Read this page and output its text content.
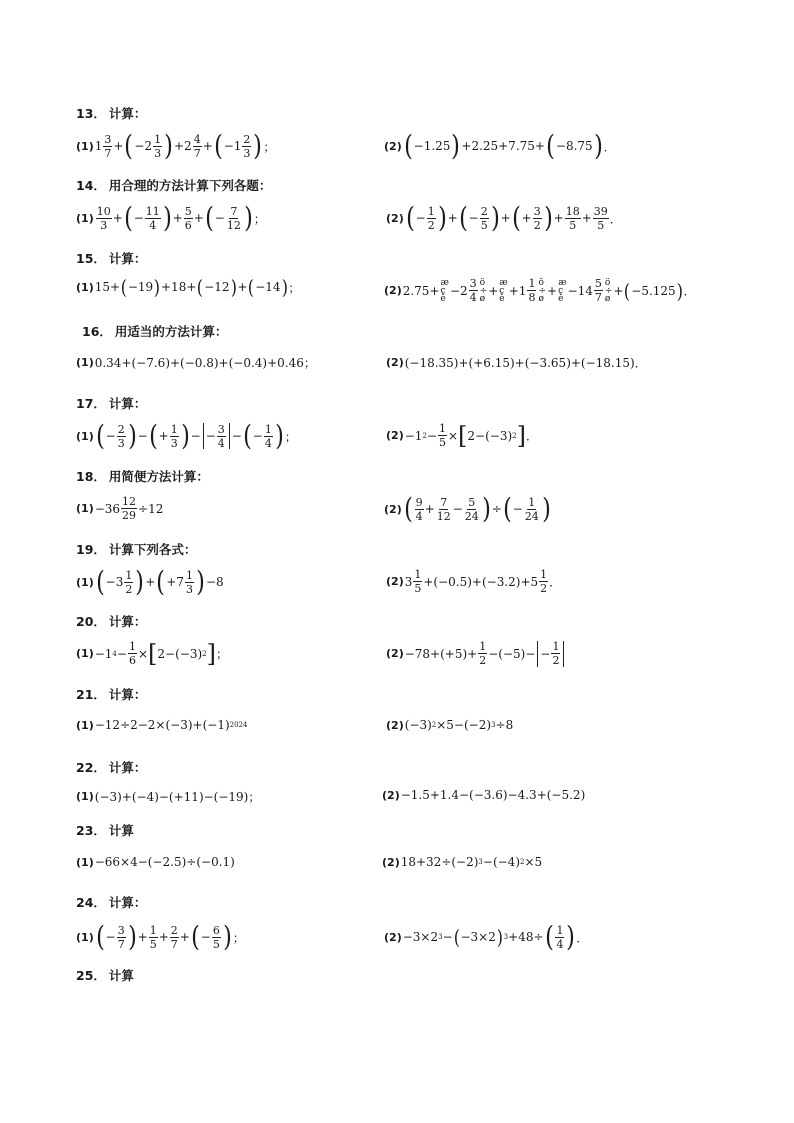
13． 计算：
14． 用合理的方法计算下列各题：
15． 计算：
16． 用适当的方法计算：
17． 计算：
18． 用简便方法计算：
19． 计算下列各式：
20． 计算：
21． 计算：
22． 计算：
23． 计算
24． 计算：
25． 计算
( 1 ) 1 3
7 + ( −2 1
3 ) +2 4
7 + ( −1 2
3 ) ；	( 2 ) ( −1.25 ) + 2.25+7.75+ ( −8.75 ) ．
( 1 )
10
3 + ( − 11
4 ) + 5
6 + ( − 7
12 ) ；	( 2 ) ( − 1
2 ) + ( − 2
5 ) + ( + 3
2 ) + 18
5 + 39
5 ．
( 1 ) 15+ ( −19 ) +18+ ( −12 ) + ( −14 ) ；	( 2 ) 2.75+
æ
ç
è
−2 3
4
ö
÷
ø
+
æ
ç
è
+1 1
8
ö
÷
ø
+
æ
ç
è
−14 5
7
ö
÷
ø
+ ( −5.125 ) ．
( 1 ) 0.34+(−7.6)+(−0.8)+(−0.4)+0.46；	( 2 ) (−18.35)+(+6.15)+(−3.65)+(−18.15)．
( 1 ) ( − 2
3 ) − ( + 1
3 ) − − 3
4 − ( − 1
4 ) ；	( 2 ) −1 2 − 1
5 × [ 2−(−3) 2 ] ．
( 1 ) −36 12
29 ÷12	( 2 ) ( 9
4 + 7
12 − 5
24 ) ÷ ( − 1
24 )
( 1 ) ( −3 1
2 ) + ( +7 1
3 ) −8	( 2 ) 3 1
5 +(−0.5)+(−3.2)+5 1
2 ．
( 1 ) −1 4 − 1
6 × [ 2−(−3) 2 ] ；	( 2 ) −78+(+5)+ 1
2 −(−5)− − 1
2
( 1 ) −12÷2−2×(−3)+(−1) 2024	( 2 ) (−3) 2 ×5−(−2) 3 ÷8
( 1 ) (−3)+(−4)−(+11)−(−19)；	( 2 ) −1.5+1.4−(−3.6)−4.3+(−5.2)
( 1 ) −66×4−(−2.5)÷(−0.1)	( 2 ) 18+32÷(−2) 3 −(−4) 2 ×5
( 1 ) ( − 3
7 ) + 1
5 + 2
7 + ( − 6
5 ) ；	( 2 ) −3×2 3 − ( −3×2 ) 3 +48÷ ( 1
4 ) ．
